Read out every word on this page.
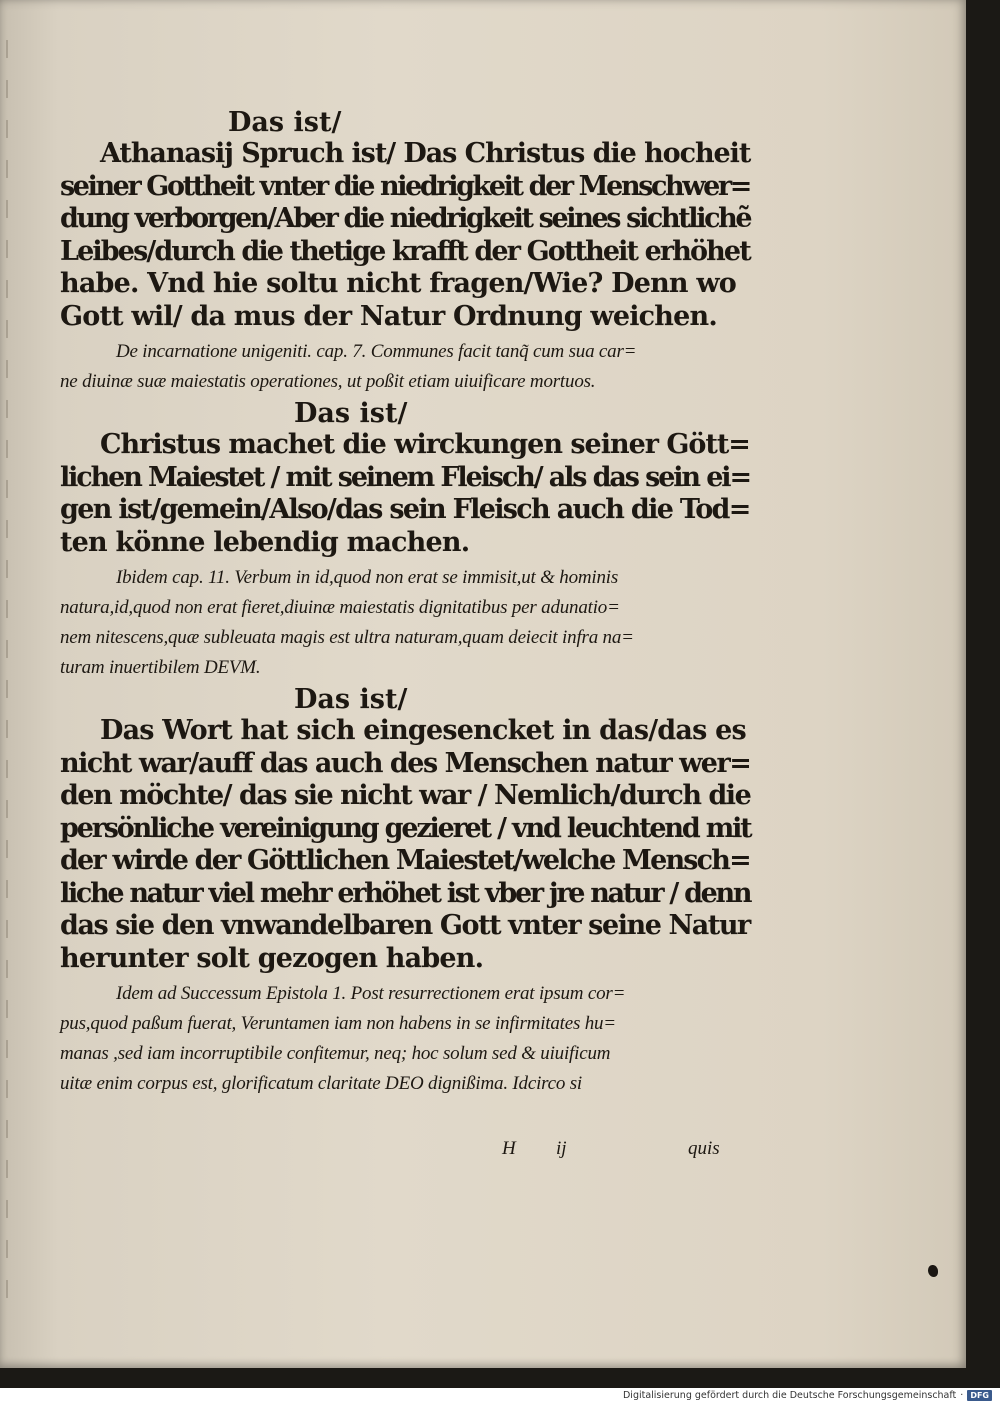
Das ist/
Athanasij Spruch ist/ Das Christus die hocheit
seiner Gottheit vnter die niedrigkeit der Menschwer=
dung verborgen/Aber die niedrigkeit seines sichtlichẽ
Leibes/durch die thetige krafft der Gottheit erhöhet
habe. Vnd hie soltu nicht fragen/Wie? Denn wo
Gott wil/ da mus der Natur Ordnung weichen.
De incarnatione unigeniti. cap. 7. Communes facit tanq̃ cum sua car=
ne diuinæ suæ maiestatis operationes, ut poßit etiam uiuificare mortuos.
Das ist/
Christus machet die wirckungen seiner Gött=
lichen Maiestet / mit seinem Fleisch/ als das sein ei=
gen ist/gemein/Also/das sein Fleisch auch die Tod=
ten könne lebendig machen.
Ibidem cap. 11. Verbum in id,quod non erat se immisit,ut & hominis
natura,id,quod non erat fieret,diuinæ maiestatis dignitatibus per adunatio=
nem nitescens,quæ subleuata magis est ultra naturam,quam deiecit infra na=
turam inuertibilem DEVM.
Das ist/
Das Wort hat sich eingesencket in das/das es
nicht war/auff das auch des Menschen natur wer=
den möchte/ das sie nicht war / Nemlich/durch die
persönliche vereinigung gezieret / vnd leuchtend mit
der wirde der Göttlichen Maiestet/welche Mensch=
liche natur viel mehr erhöhet ist vber jre natur / denn
das sie den vnwandelbaren Gott vnter seine Natur
herunter solt gezogen haben.
Idem ad Successum Epistola 1. Post resurrectionem erat ipsum cor=
pus,quod paßum fuerat, Veruntamen iam non habens in se infirmitates hu=
manas ,sed iam incorruptibile confitemur, neq; hoc solum sed & uiuificum
uitæ enim corpus est, glorificatum claritate DEO dignißima. Idcirco si
H ij	quis
Digitalisierung gefördert durch die Deutsche Forschungsgemeinschaft · DFG
